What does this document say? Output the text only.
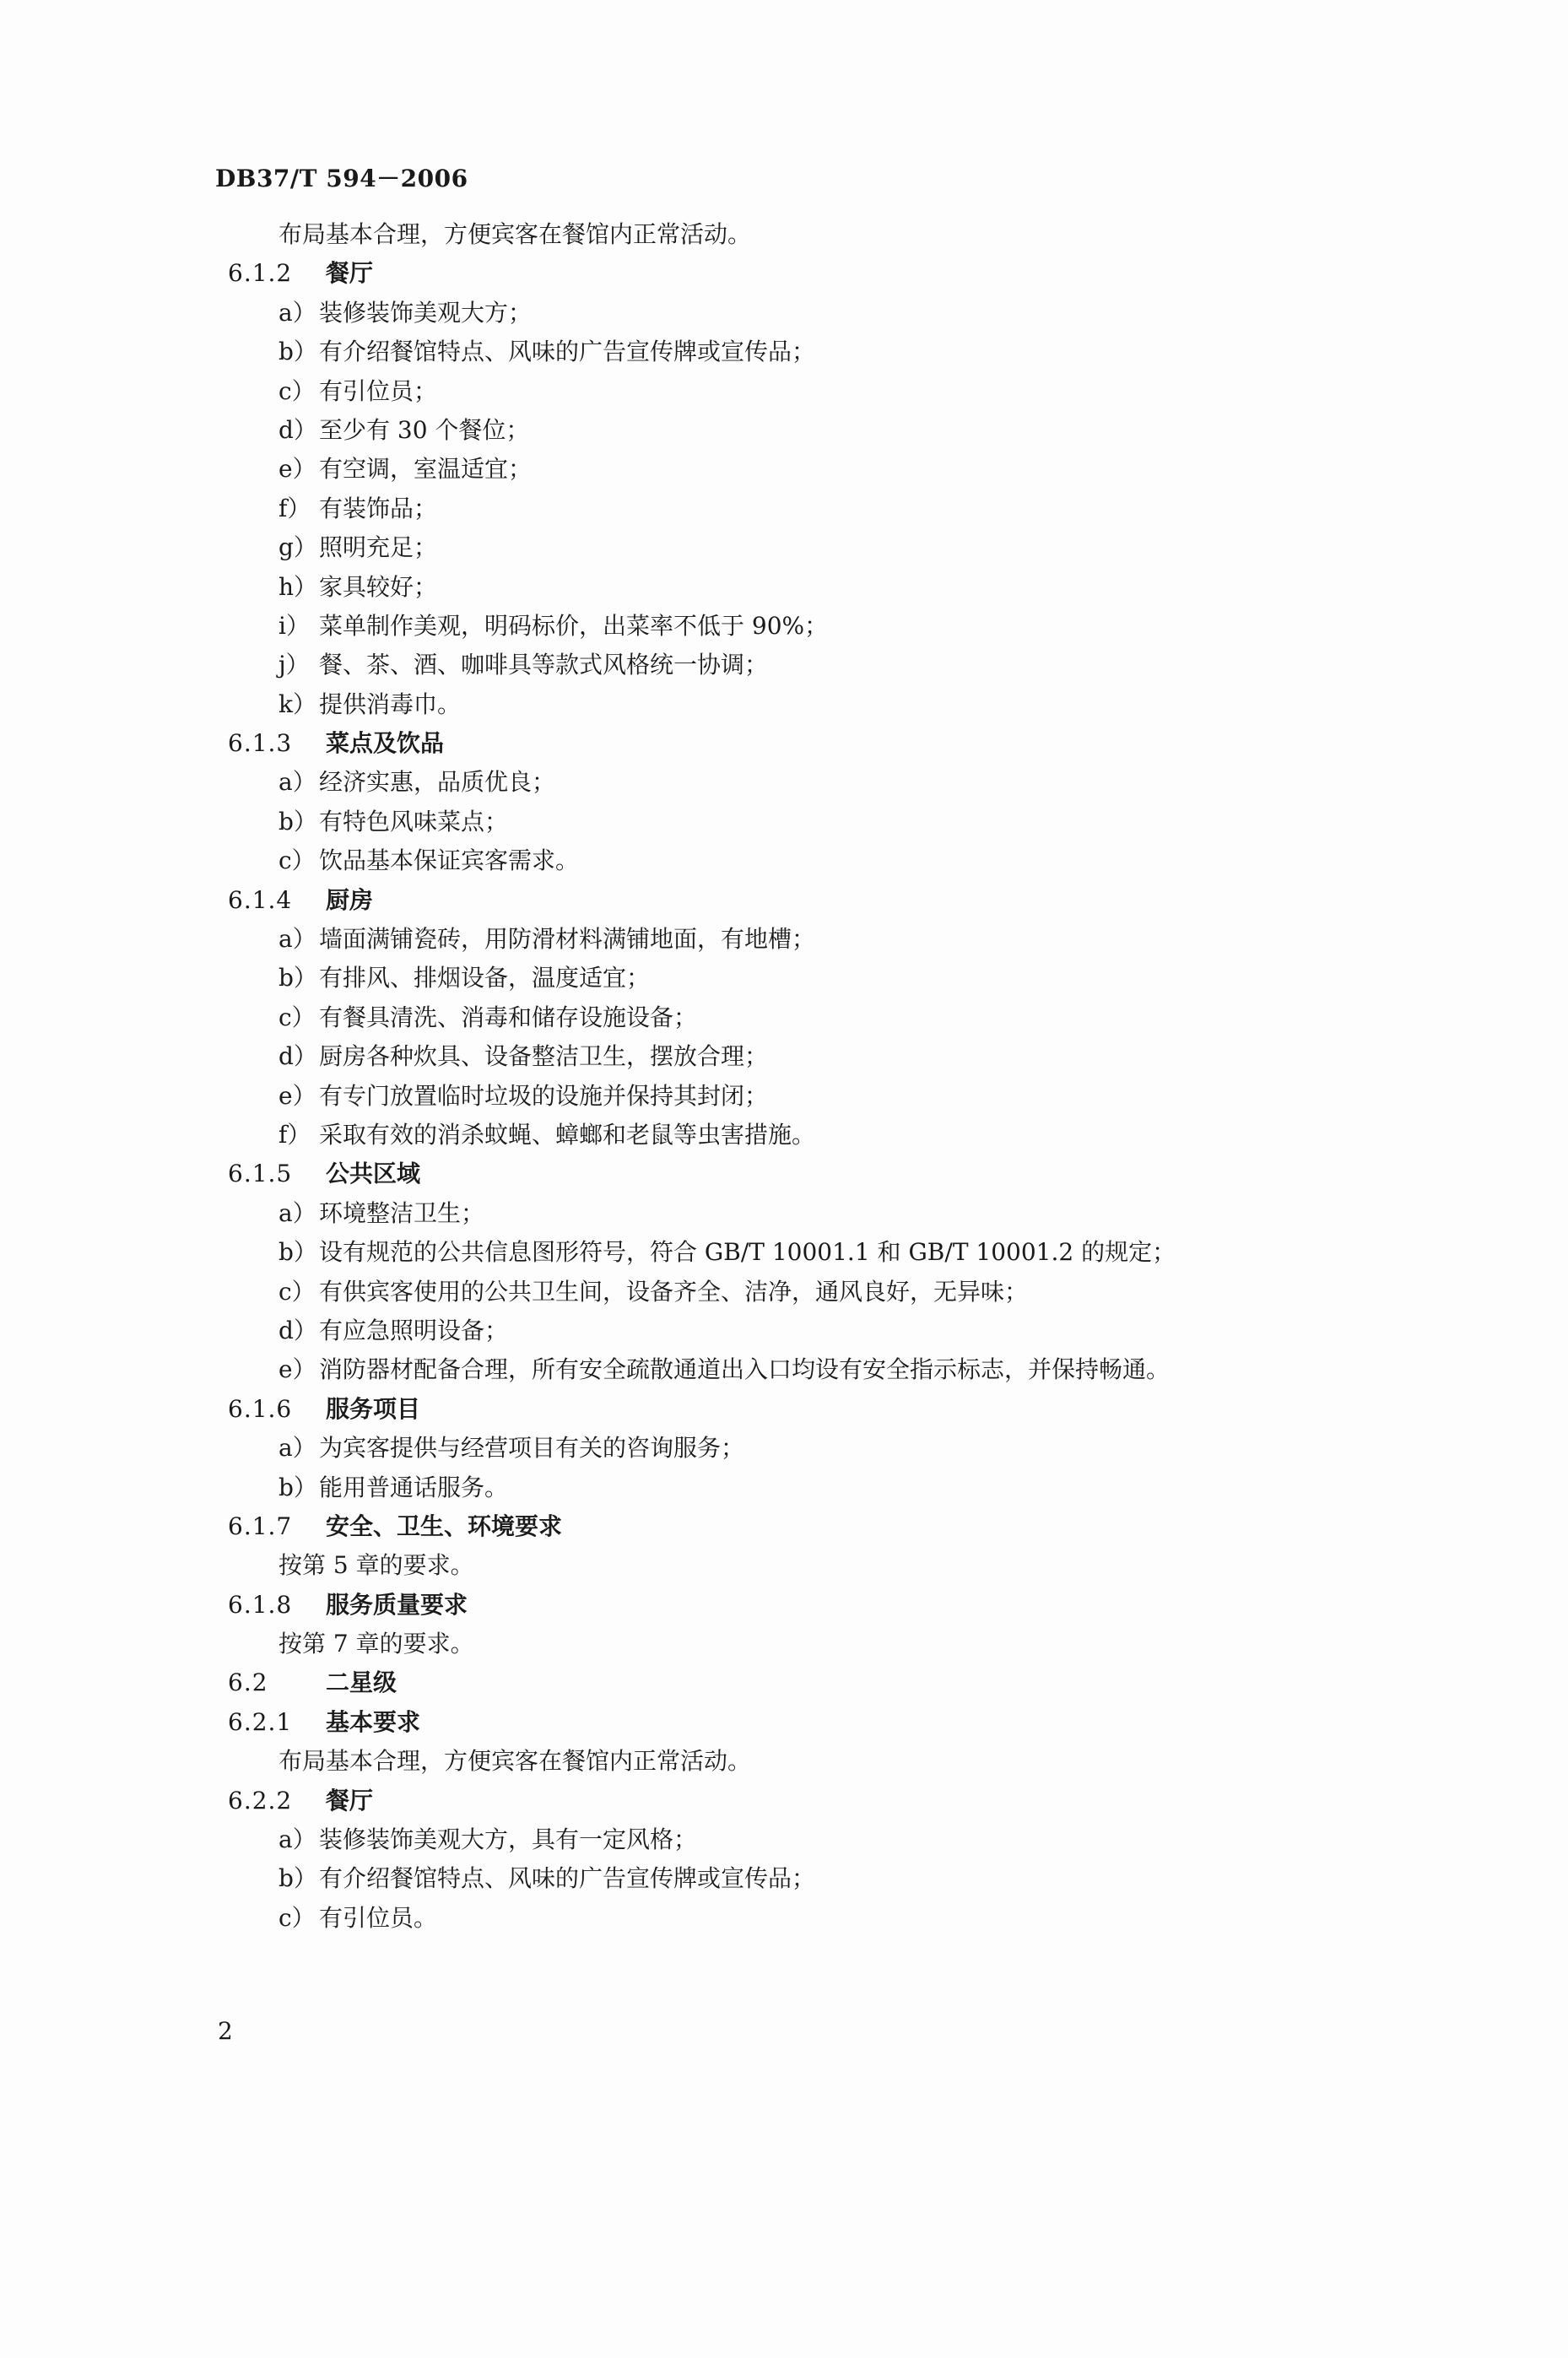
DB37/T 594－2006
布局基本合理，方便宾客在餐馆内正常活动。
6.1.2 餐厅
a） 装修装饰美观大方；
b）有介绍餐馆特点、风味的广告宣传牌或宣传品；
c） 有引位员；
d）至少有 30 个餐位；
e） 有空调，室温适宜；
f） 有装饰品；
g）照明充足；
h）家具较好；
i） 菜单制作美观，明码标价，出菜率不低于 90%；
j） 餐、茶、酒、咖啡具等款式风格统一协调；
k） 提供消毒巾。
6.1.3 菜点及饮品
a） 经济实惠，品质优良；
b）有特色风味菜点；
c） 饮品基本保证宾客需求。
6.1.4 厨房
a） 墙面满铺瓷砖，用防滑材料满铺地面，有地槽；
b）有排风、排烟设备，温度适宜；
c） 有餐具清洗、消毒和储存设施设备；
d）厨房各种炊具、设备整洁卫生，摆放合理；
e） 有专门放置临时垃圾的设施并保持其封闭；
f） 采取有效的消杀蚊蝇、蟑螂和老鼠等虫害措施。
6.1.5 公共区域
a） 环境整洁卫生；
b）设有规范的公共信息图形符号，符合 GB/T 10001.1 和 GB/T 10001.2 的规定；
c） 有供宾客使用的公共卫生间，设备齐全、洁净，通风良好，无异味；
d）有应急照明设备；
e） 消防器材配备合理，所有安全疏散通道出入口均设有安全指示标志，并保持畅通。
6.1.6 服务项目
a） 为宾客提供与经营项目有关的咨询服务；
b）能用普通话服务。
6.1.7 安全、卫生、环境要求
按第 5 章的要求。
6.1.8 服务质量要求
按第 7 章的要求。
6.2 二星级
6.2.1 基本要求
布局基本合理，方便宾客在餐馆内正常活动。
6.2.2 餐厅
a） 装修装饰美观大方，具有一定风格；
b）有介绍餐馆特点、风味的广告宣传牌或宣传品；
c） 有引位员。
2
